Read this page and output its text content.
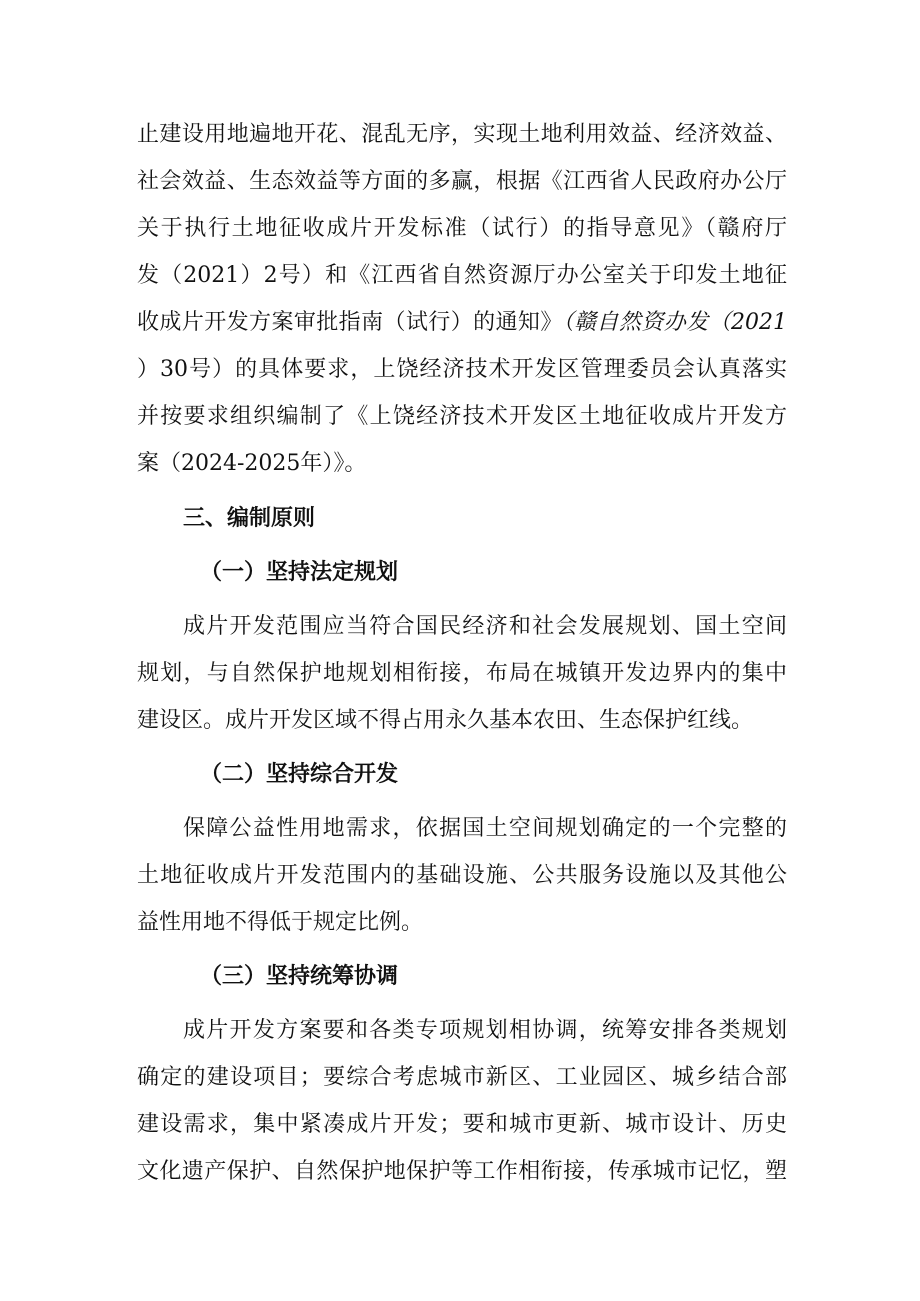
止建设用地遍地开花、混乱无序，实现土地利用效益、经济效益、
社会效益、生态效益等方面的多赢，根据《江西省人民政府办公厅
关于执行土地征收成片开发标准（试行）的指导意见》（赣府厅
发（2021）2号）和《江西省自然资源厅办公室关于印发土地征
收成片开发方案审批指南（试行）的通知》（赣自然资办发（2021
）30号）的具体要求，上饶经济技术开发区管理委员会认真落实
并按要求组织编制了《上饶经济技术开发区土地征收成片开发方
案（2024-2025年）》。
三、编制原则
（一）坚持法定规划
成片开发范围应当符合国民经济和社会发展规划、国土空间
规划，与自然保护地规划相衔接，布局在城镇开发边界内的集中
建设区。成片开发区域不得占用永久基本农田、生态保护红线。
（二）坚持综合开发
保障公益性用地需求，依据国土空间规划确定的一个完整的
土地征收成片开发范围内的基础设施、公共服务设施以及其他公
益性用地不得低于规定比例。
（三）坚持统筹协调
成片开发方案要和各类专项规划相协调，统筹安排各类规划
确定的建设项目；要综合考虑城市新区、工业园区、城乡结合部
建设需求，集中紧凑成片开发；要和城市更新、城市设计、历史
文化遗产保护、自然保护地保护等工作相衔接，传承城市记忆，塑
